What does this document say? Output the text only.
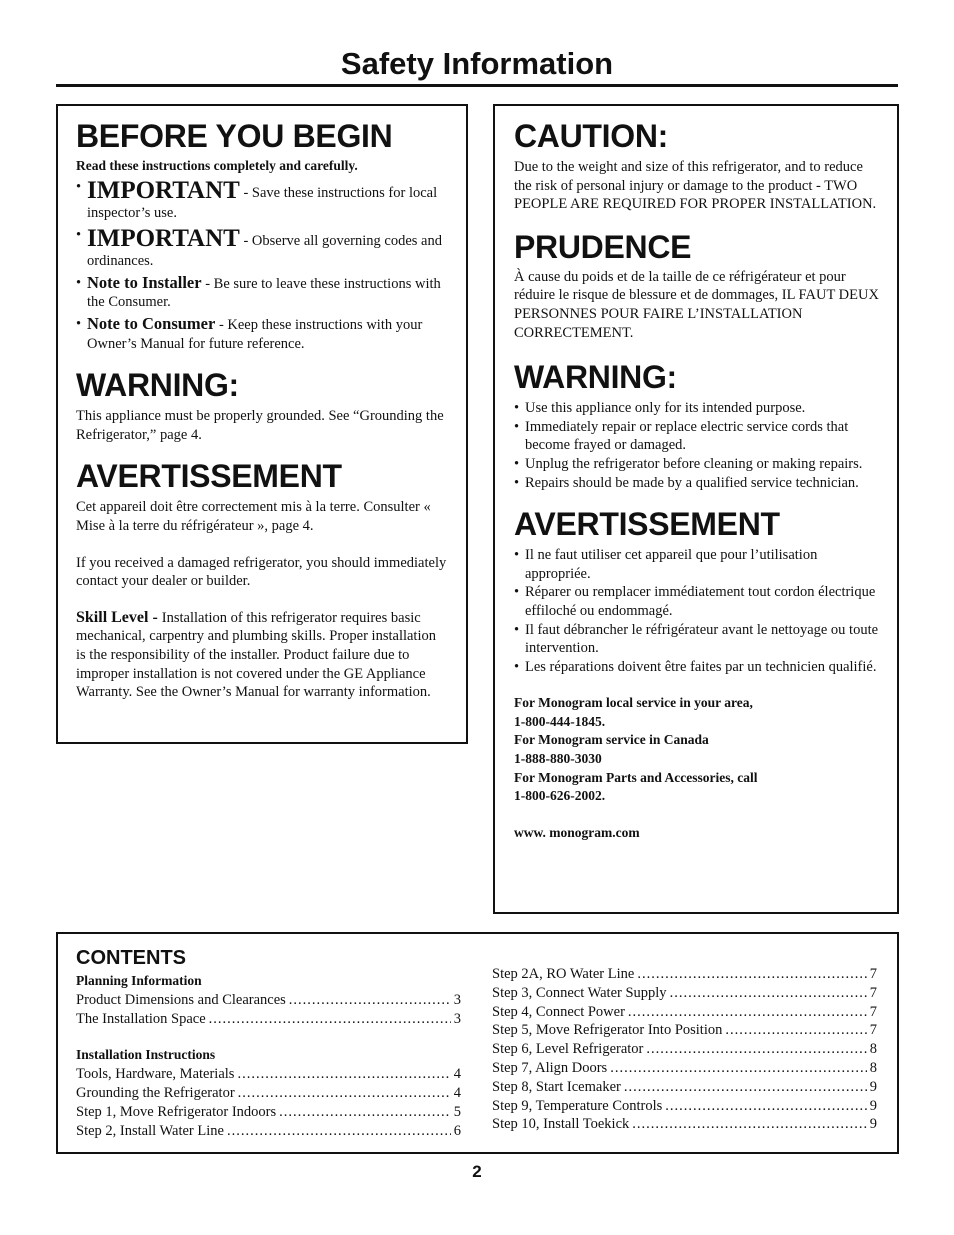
Safety Information
BEFORE YOU BEGIN
Read these instructions completely and carefully.
• IMPORTANT - Save these instructions for local inspector’s use.
• IMPORTANT - Observe all governing codes and ordinances.
• Note to Installer - Be sure to leave these instructions with the Consumer.
• Note to Consumer - Keep these instructions with your Owner’s Manual for future reference.
WARNING:

This appliance must be properly grounded. See “Grounding the Refrigerator,” page 4.

AVERTISSEMENT

Cet appareil doit être correctement mis à la terre. Consulter « Mise à la terre du réfrigérateur », page 4.

If you received a damaged refrigerator, you should immediately contact your dealer or builder.

Skill Level - Installation of this refrigerator requires basic mechanical, carpentry and plumbing skills. Proper installation is the responsibility of the installer. Product failure due to improper installation is not covered under the GE Appliance Warranty. See the Owner’s Manual for warranty information.

CAUTION:

Due to the weight and size of this refrigerator, and to reduce the risk of personal injury or damage to the product - TWO PEOPLE ARE REQUIRED FOR PROPER INSTALLATION.

PRUDENCE

À cause du poids et de la taille de ce réfrigérateur et pour réduire le risque de blessure et de dommages, IL FAUT DEUX PERSONNES POUR FAIRE L’INSTALLATION CORRECTEMENT.

WARNING:
• Use this appliance only for its intended purpose.
• Immediately repair or replace electric service cords that become frayed or damaged.
• Unplug the refrigerator before cleaning or making repairs.
• Repairs should be made by a qualified service technician.
AVERTISSEMENT
• Il ne faut utiliser cet appareil que pour l’utilisation appropriée.
• Réparer ou remplacer immédiatement tout cordon électrique effiloché ou endommagé.
• Il faut débrancher le réfrigérateur avant le nettoyage ou toute intervention.
• Les réparations doivent être faites par un technicien qualifié.
For Monogram local service in your area,
1-800-444-1845.
For Monogram service in Canada
1-888-880-3030
For Monogram Parts and Accessories, call
1-800-626-2002.
www. monogram.com
CONTENTS
Planning Information
Product Dimensions and Clearances .....	3
The Installation Space .....	3
Installation Instructions
Tools, Hardware, Materials .....	4
Grounding the Refrigerator .....	4
Step 1, Move Refrigerator Indoors .....	5
Step 2, Install Water Line .....	6
Step 2A, RO Water Line .....	7
Step 3, Connect Water Supply .....	7
Step 4, Connect Power .....	7
Step 5, Move Refrigerator Into Position .....	7
Step 6, Level Refrigerator .....	8
Step 7, Align Doors .....	8
Step 8, Start Icemaker .....	9
Step 9, Temperature Controls .....	9
Step 10, Install Toekick .....	9
2
